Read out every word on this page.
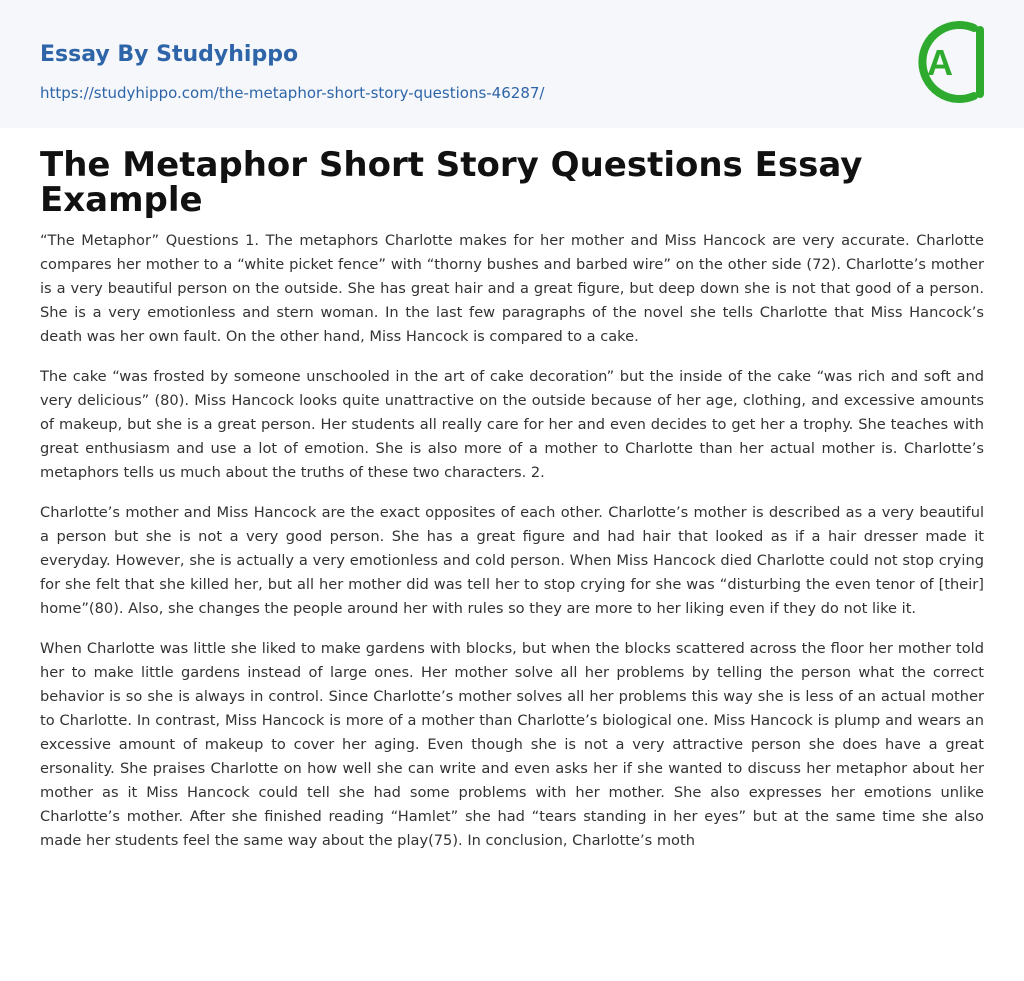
Essay By Studyhippo
https://studyhippo.com/the-metaphor-short-story-questions-46287/
A
The Metaphor Short Story Questions Essay Example

“The Metaphor” Questions 1. The metaphors Charlotte makes for her mother and Miss Hancock are very accurate. Charlotte compares her mother to a “white picket fence” with “thorny bushes and barbed wire” on the other side (72). Charlotte’s mother is a very beautiful person on the outside. She has great hair and a great figure, but deep down she is not that good of a person. She is a very emotionless and stern woman. In the last few paragraphs of the novel she tells Charlotte that Miss Hancock’s death was her own fault. On the other hand, Miss Hancock is compared to a cake.

The cake “was frosted by someone unschooled in the art of cake decoration” but the inside of the cake “was rich and soft and very delicious” (80). Miss Hancock looks quite unattractive on the outside because of her age, clothing, and excessive amounts of makeup, but she is a great person. Her students all really care for her and even decides to get her a trophy. She teaches with great enthusiasm and use a lot of emotion. She is also more of a mother to Charlotte than her actual mother is. Charlotte’s metaphors tells us much about the truths of these two characters. 2.

Charlotte’s mother and Miss Hancock are the exact opposites of each other. Charlotte’s mother is described as a very beautiful a person but she is not a very good person. She has a great figure and had hair that looked as if a hair dresser made it everyday. However, she is actually a very emotionless and cold person. When Miss Hancock died Charlotte could not stop crying for she felt that she killed her, but all her mother did was tell her to stop crying for she was “disturbing the even tenor of [their] home”(80). Also, she changes the people around her with rules so they are more to her liking even if they do not like it.

When Charlotte was little she liked to make gardens with blocks, but when the blocks scattered across the floor her mother told her to make little gardens instead of large ones. Her mother solve all her problems by telling the person what the correct behavior is so she is always in control. Since Charlotte’s mother solves all her problems this way she is less of an actual mother to Charlotte. In contrast, Miss Hancock is more of a mother than Charlotte’s biological one. Miss Hancock is plump and wears an excessive amount of makeup to cover her aging. Even though she is not a very attractive person she does have a great ersonality. She praises Charlotte on how well she can write and even asks her if she wanted to discuss her metaphor about her mother as it Miss Hancock could tell she had some problems with her mother. She also expresses her emotions unlike Charlotte’s mother. After she finished reading “Hamlet” she had “tears standing in her eyes” but at the same time she also made her students feel the same way about the play(75). In conclusion, Charlotte’s moth
